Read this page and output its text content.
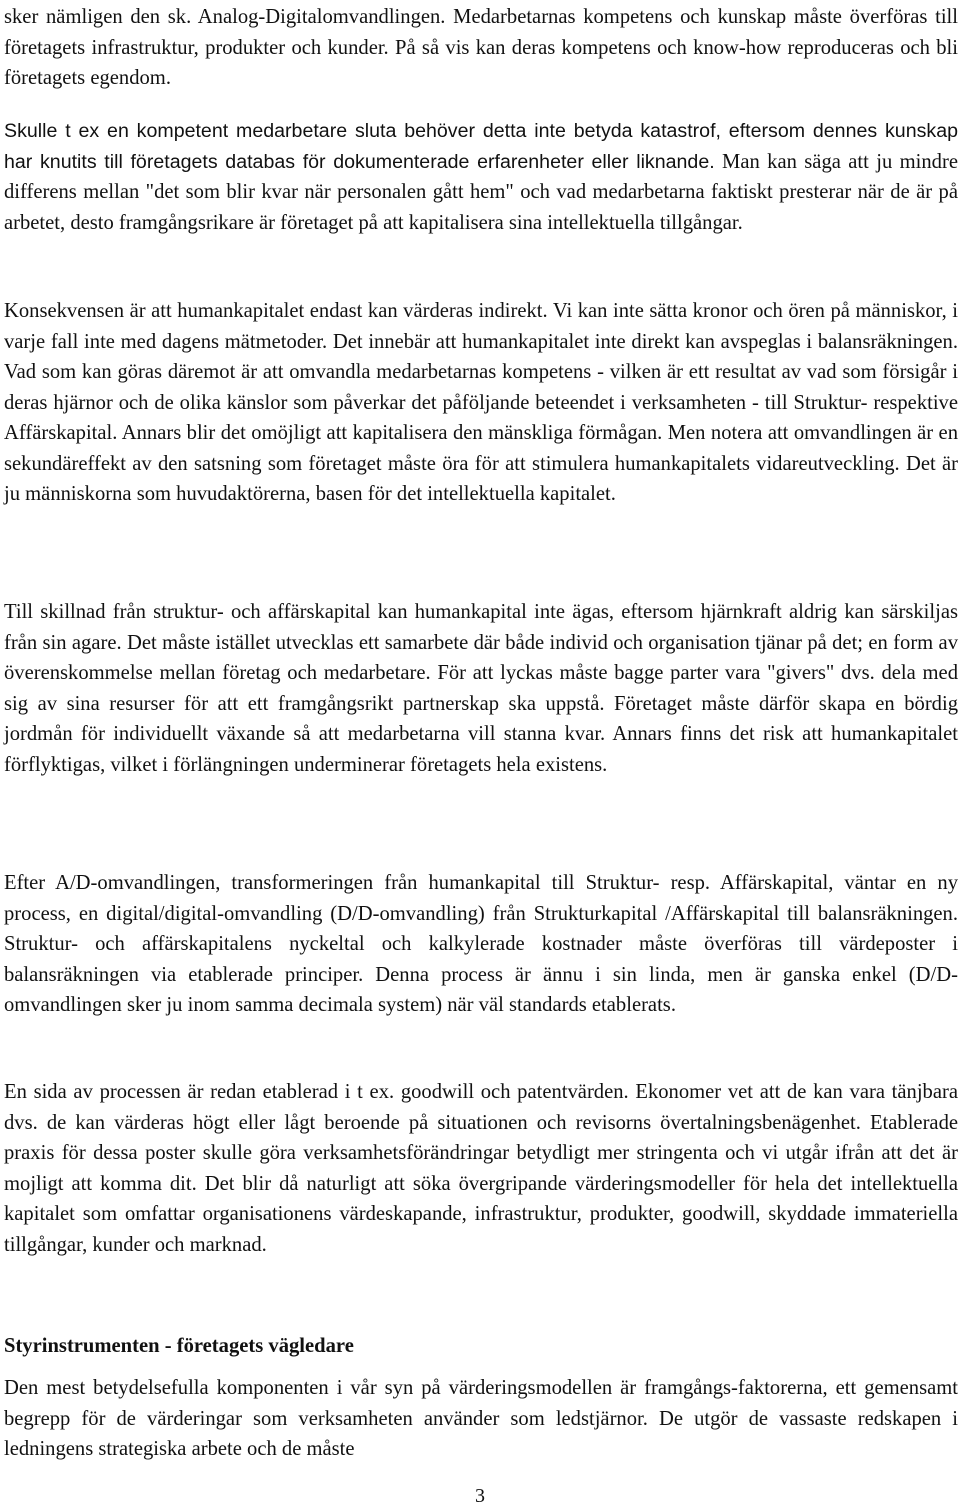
sker nämligen den sk. Analog-Digitalomvandlingen. Medarbetarnas kompetens och kunskap måste överföras till företagets infrastruktur, produkter och kunder. På så vis kan deras kompetens och know-how reproduceras och bli företagets egendom.

Skulle t ex en kompetent medarbetare sluta behöver detta inte betyda katastrof, eftersom dennes kunskap har knutits till företagets databas för dokumenterade erfarenheter eller liknande. Man kan säga att ju mindre differens mellan "det som blir kvar när personalen gått hem" och vad medarbetarna faktiskt presterar när de är på arbetet, desto framgångsrikare är företaget på att kapitalisera sina intellektuella tillgångar.

Konsekvensen är att humankapitalet endast kan värderas indirekt. Vi kan inte sätta kronor och ören på människor, i varje fall inte med dagens mätmetoder. Det innebär att humankapitalet inte direkt kan avspeglas i balansräkningen. Vad som kan göras däremot är att omvandla medarbetarnas kompetens - vilken är ett resultat av vad som försigår i deras hjärnor och de olika känslor som påverkar det påföljande beteendet i verksamheten - till Struktur- respektive Affärskapital. Annars blir det omöjligt att kapitalisera den mänskliga förmågan. Men notera att omvandlingen är en sekundäreffekt av den satsning som företaget måste öra för att stimulera humankapitalets vidareutveckling. Det är ju människorna som huvudaktörerna, basen för det intellektuella kapitalet.

Till skillnad från struktur- och affärskapital kan humankapital inte ägas, eftersom hjärnkraft aldrig kan särskiljas från sin agare. Det måste istället utvecklas ett samarbete där både individ och organisation tjänar på det; en form av överenskommelse mellan företag och medarbetare. För att lyckas måste bagge parter vara "givers" dvs. dela med sig av sina resurser för att ett framgångsrikt partnerskap ska uppstå. Företaget måste därför skapa en bördig jordmån för individuellt växande så att medarbetarna vill stanna kvar. Annars finns det risk att humankapitalet förflyktigas, vilket i förlängningen underminerar företagets hela existens.

Efter A/D-omvandlingen, transformeringen från humankapital till Struktur- resp. Affärskapital, väntar en ny process, en digital/digital-omvandling (D/D-omvandling) från Strukturkapital /Affärskapital till balansräkningen. Struktur- och affärskapitalens nyckeltal och kalkylerade kostnader måste överföras till värdeposter i balansräkningen via etablerade principer. Denna process är ännu i sin linda, men är ganska enkel (D/D-omvandlingen sker ju inom samma decimala system) när väl standards etablerats.

En sida av processen är redan etablerad i t ex. goodwill och patentvärden. Ekonomer vet att de kan vara tänjbara dvs. de kan värderas högt eller lågt beroende på situationen och revisorns övertalningsbenägenhet. Etablerade praxis för dessa poster skulle göra verksamhetsförändringar betydligt mer stringenta och vi utgår ifrån att det är mojligt att komma dit. Det blir då naturligt att söka övergripande värderingsmodeller för hela det intellektuella kapitalet som omfattar organisationens värdeskapande, infrastruktur, produkter, goodwill, skyddade immateriella tillgångar, kunder och marknad.

Styrinstrumenten - företagets vägledare

Den mest betydelsefulla komponenten i vår syn på värderingsmodellen är framgångs-faktorerna, ett gemensamt begrepp för de värderingar som verksamheten använder som ledstjärnor. De utgör de vassaste redskapen i ledningens strategiska arbete och de måste

3
